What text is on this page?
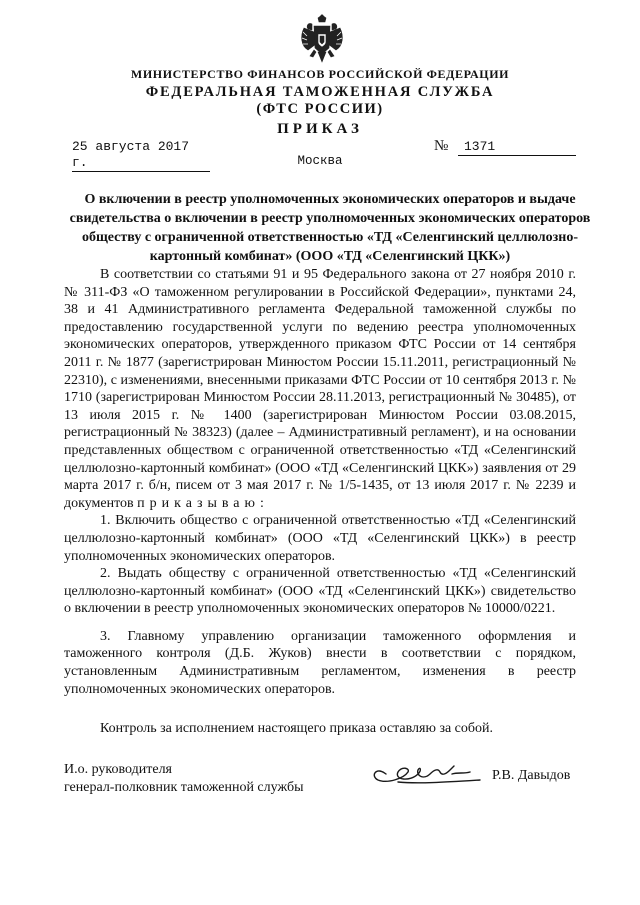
МИНИСТЕРСТВО ФИНАНСОВ РОССИЙСКОЙ ФЕДЕРАЦИИ
ФЕДЕРАЛЬНАЯ ТАМОЖЕННАЯ СЛУЖБА
(ФТС РОССИИ)
ПРИКАЗ
25 августа 2017 г.
№	1371
Москва
О включении в реестр уполномоченных экономических операторов и выдаче свидетельства о включении в реестр уполномоченных экономических операторов обществу с ограниченной ответственностью «ТД «Селенгинский целлюлозно-картонный комбинат» (ООО «ТД «Селенгинский ЦКК»)

В соответствии со статьями 91 и 95 Федерального закона от 27 ноября 2010 г. № 311-ФЗ «О таможенном регулировании в Российской Федерации», пунктами 24, 38 и 41 Административного регламента Федеральной таможенной службы по предоставлению государственной услуги по ведению реестра уполномоченных экономических операторов, утвержденного приказом ФТС России от 14 сентября 2011 г. № 1877 (зарегистрирован Минюстом России 15.11.2011, регистрационный № 22310), с изменениями, внесенными приказами ФТС России от 10 сентября 2013 г. № 1710 (зарегистрирован Минюстом России 28.11.2013, регистрационный № 30485), от 13 июля 2015 г. № 1400 (зарегистрирован Минюстом России 03.08.2015, регистрационный № 38323) (далее – Административный регламент), и на основании представленных обществом с ограниченной ответственностью «ТД «Селенгинский целлюлозно-картонный комбинат» (ООО «ТД «Селенгинский ЦКК») заявления от 29 марта 2017 г. б/н, писем от 3 мая 2017 г. № 1/5-1435, от 13 июля 2017 г. № 2239 и документов приказываю:

1. Включить общество с ограниченной ответственностью «ТД «Селенгинский целлюлозно-картонный комбинат» (ООО «ТД «Селенгинский ЦКК») в реестр уполномоченных экономических операторов.

2. Выдать обществу с ограниченной ответственностью «ТД «Селенгинский целлюлозно-картонный комбинат» (ООО «ТД «Селенгинский ЦКК») свидетельство о включении в реестр уполномоченных экономических операторов № 10000/0221.

3. Главному управлению организации таможенного оформления и таможенного контроля (Д.Б. Жуков) внести в соответствии с порядком, установленным Административным регламентом, изменения в реестр уполномоченных экономических операторов.

Контроль за исполнением настоящего приказа оставляю за собой.

И.о. руководителя
генерал-полковник таможенной службы
Р.В. Давыдов
